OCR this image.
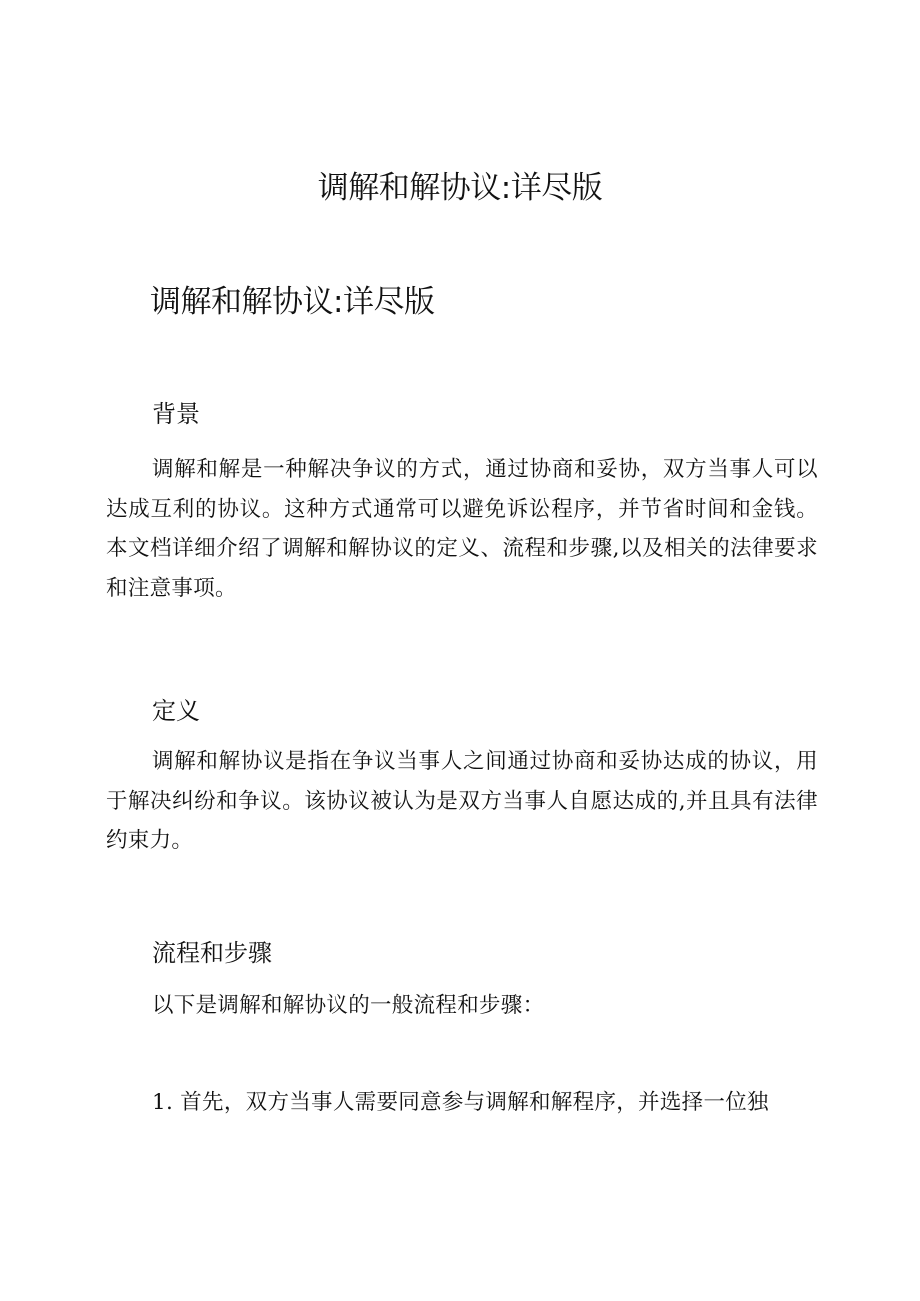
调解和解协议:详尽版
调解和解协议:详尽版
背景

调解和解是一种解决争议的方式，通过协商和妥协，双方当事人可以达成互利的协议。这种方式通常可以避免诉讼程序，并节省时间和金钱。本文档详细介绍了调解和解协议的定义、流程和步骤,以及相关的法律要求和注意事项。

定义

调解和解协议是指在争议当事人之间通过协商和妥协达成的协议，用于解决纠纷和争议。该协议被认为是双方当事人自愿达成的,并且具有法律约束力。

流程和步骤

以下是调解和解协议的一般流程和步骤：

1. 首先，双方当事人需要同意参与调解和解程序，并选择一位独
